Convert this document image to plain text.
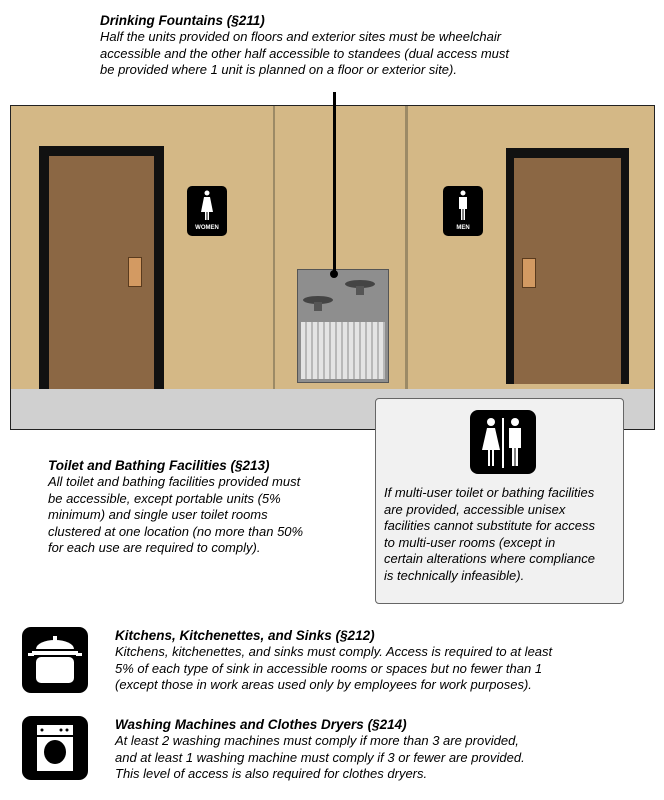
Drinking Fountains (§211)
Half the units provided on floors and exterior sites must be wheelchair
accessible and the other half accessible to standees (dual access must
be provided where 1 unit is planned on a floor or exterior site).
WOMEN	MEN
If multi-user toilet or bathing facilities
are provided, accessible unisex
facilities cannot substitute for access
to multi-user rooms (except in
certain alterations where compliance
is technically infeasible).
Toilet and Bathing Facilities (§213)
All toilet and bathing facilities provided must
be accessible, except portable units (5%
minimum) and single user toilet rooms
clustered at one location (no more than 50%
for each use are required to comply).
Kitchens, Kitchenettes, and Sinks (§212)
Kitchens, kitchenettes, and sinks must comply. Access is required to at least
5% of each type of sink in accessible rooms or spaces but no fewer than 1
(except those in work areas used only by employees for work purposes).
Washing Machines and Clothes Dryers (§214)
At least 2 washing machines must comply if more than 3 are provided,
and at least 1 washing machine must comply if 3 or fewer are provided.
This level of access is also required for clothes dryers.
